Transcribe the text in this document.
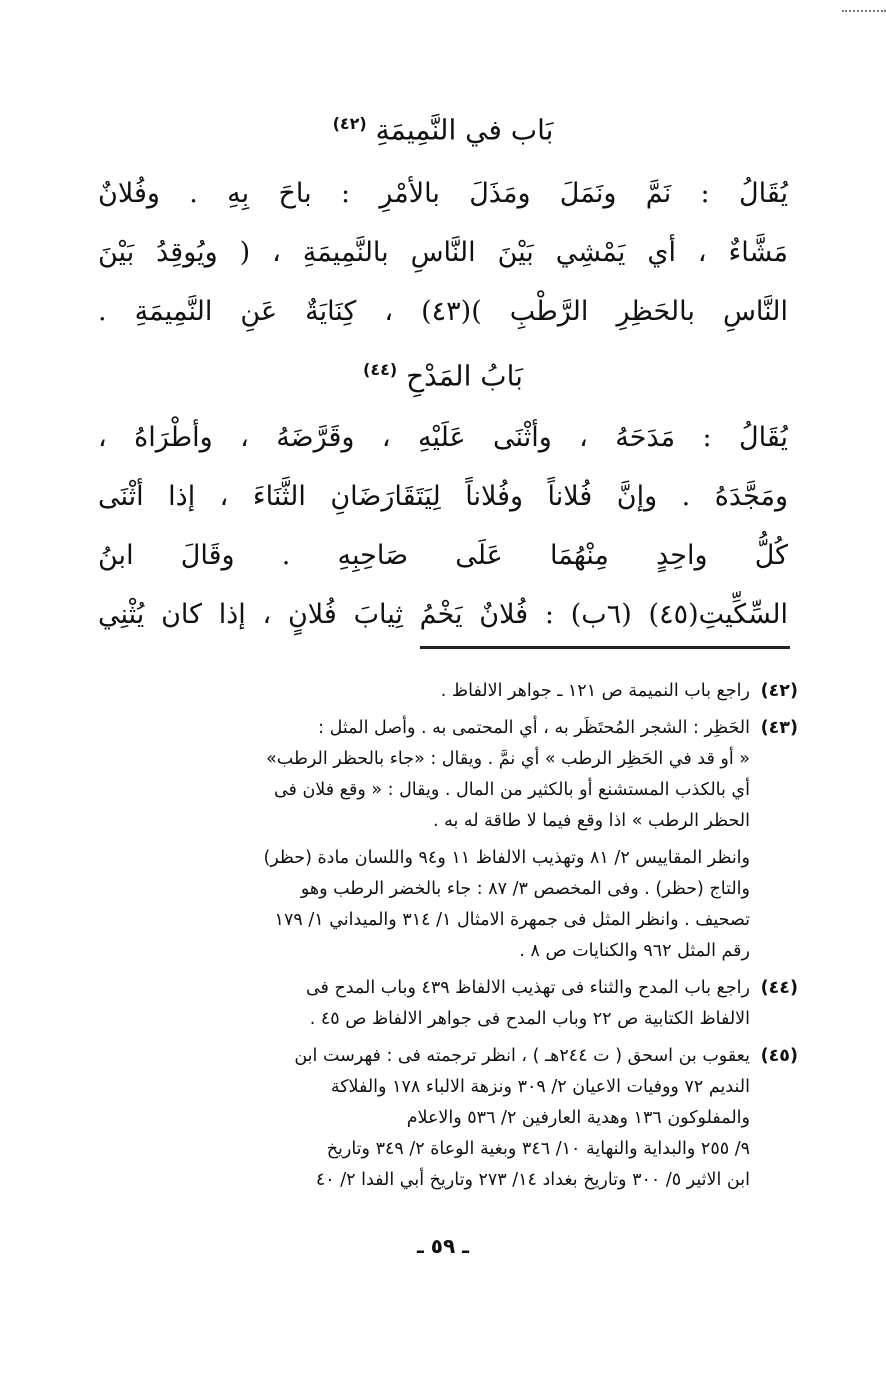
بَاب في النَّمِيمَةِ $^{(٤٢)}$

يُقَالُ : نَمَّ ونَمَلَ ومَذَلَ بالأمْرِ : باحَ بِهِ . وفُلانٌ

مَشَّاءٌ ، أي يَمْشِي بَيْنَ النَّاسِ بالنَّمِيمَةِ ، ( ويُوقِدُ بَيْنَ

النَّاسِ بالحَظِرِ الرَّطْبِ )(٤٣) ، كِنَايَةٌ عَنِ النَّمِيمَةِ .

بَابُ المَدْحِ $^{(٤٤)}$

يُقَالُ : مَدَحَهُ ، وأثْنَى عَلَيْهِ ، وقَرَّضَهُ ، وأطْرَاهُ ،

ومَجَّدَهُ . وإنَّ فُلاناً وفُلاناً لِيَتَقَارَضَانِ الثَّنَاءَ ، إذا أثْنَى

كُلُّ واحِدٍ مِنْهُمَا عَلَى صَاحِبِهِ . وقَالَ ابنُ

السِّكِّيتِ(٤٥) (٦ب) : فُلانٌ يَخْمُ ثِيابَ فُلانٍ ، إذا كان يُثْنِي

(٤٢)
راجع باب النميمة ص ١٢١ ـ جواهر الالفاظ .
(٤٣)
الحَظِر : الشجر المُحتَظَر به ، أي المحتمى به . وأصل المثل :
« أو قد في الحَظِر الرطب » أي نمَّ . ويقال : «جاء بالحظر الرطب»
أي بالكذب المستشنع أو بالكثير من المال . ويقال : « وقع فلان فى
الحظر الرطب » اذا وقع فيما لا طاقة له به .
وانظر المقاييس ٢/ ٨١ وتهذيب الالفاظ ١١ و٩٤ واللسان مادة (حظر)
والتاج (حظر) . وفى المخصص ٣/ ٨٧ : جاء بالخضر الرطب وهو
تصحيف . وانظر المثل فى جمهرة الامثال ١/ ٣١٤ والميداني ١/ ١٧٩
رقم المثل ٩٦٢ والكنايات ص ٨ .
(٤٤)
راجع باب المدح والثناء فى تهذيب الالفاظ ٤٣٩ وباب المدح فى
الالفاظ الكتابية ص ٢٢ وباب المدح فى جواهر الالفاظ ص ٤٥ .
(٤٥)
يعقوب بن اسحق ( ت ٢٤٤هـ ) ، انظر ترجمته فى : فهرست ابن
النديم ٧٢ ووفيات الاعيان ٢/ ٣٠٩ ونزهة الالباء ١٧٨ والفلاكة
والمفلوكون ١٣٦ وهدية العارفين ٢/ ٥٣٦ والاعلام
٩/ ٢٥٥ والبداية والنهاية ١٠/ ٣٤٦ وبغية الوعاة ٢/ ٣٤٩ وتاريخ
ابن الاثير ٥/ ٣٠٠ وتاريخ بغداد ١٤/ ٢٧٣ وتاريخ أبي الفدا ٢/ ٤٠
ـ ٥٩ ـ
